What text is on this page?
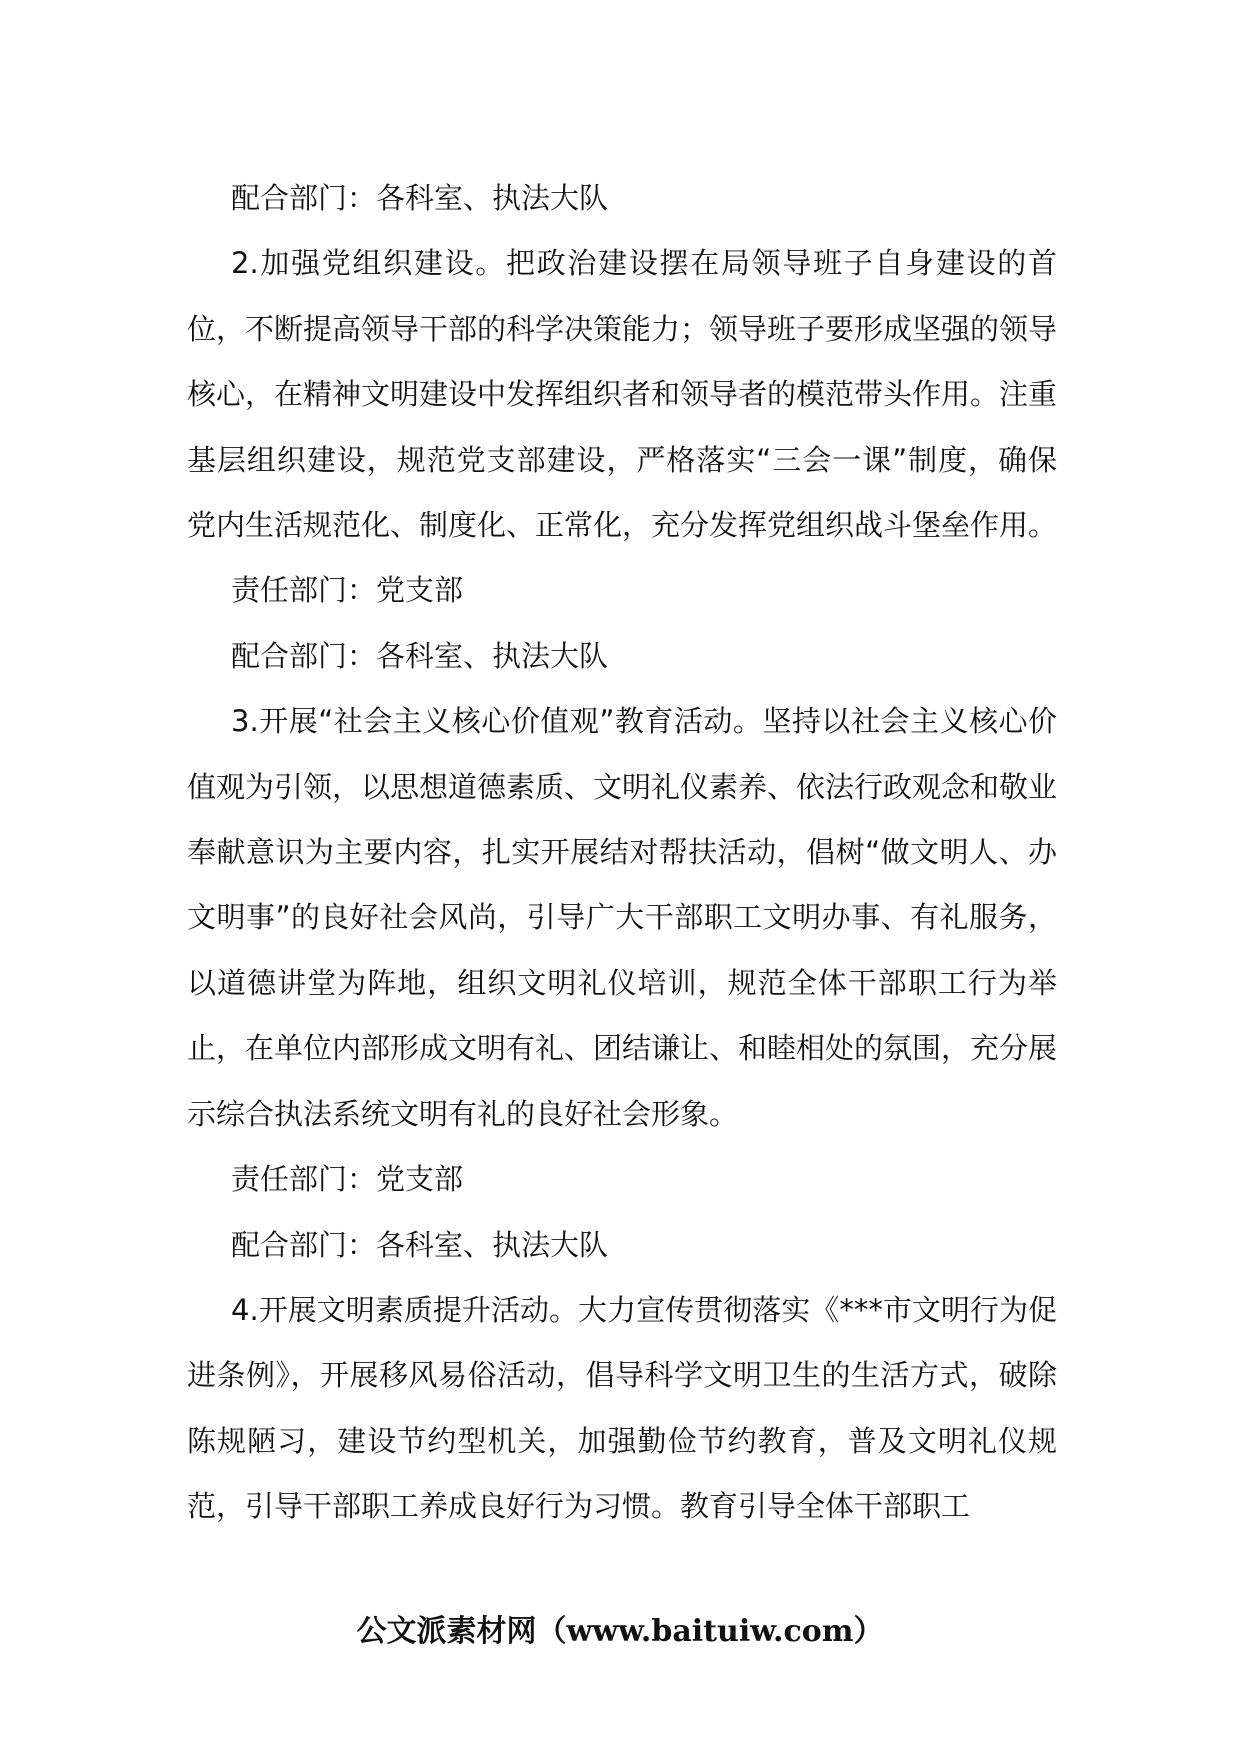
配合部门：各科室、执法大队

2.加强党组织建设。把政治建设摆在局领导班子自身建设的首位，不断提高领导干部的科学决策能力；领导班子要形成坚强的领导核心，在精神文明建设中发挥组织者和领导者的模范带头作用。注重基层组织建设，规范党支部建设，严格落实“三会一课”制度，确保党内生活规范化、制度化、正常化，充分发挥党组织战斗堡垒作用。

责任部门：党支部

配合部门：各科室、执法大队

3.开展“社会主义核心价值观”教育活动。坚持以社会主义核心价值观为引领，以思想道德素质、文明礼仪素养、依法行政观念和敬业奉献意识为主要内容，扎实开展结对帮扶活动，倡树“做文明人、办文明事”的良好社会风尚，引导广大干部职工文明办事、有礼服务，以道德讲堂为阵地，组织文明礼仪培训，规范全体干部职工行为举止，在单位内部形成文明有礼、团结谦让、和睦相处的氛围，充分展示综合执法系统文明有礼的良好社会形象。

责任部门：党支部

配合部门：各科室、执法大队

4.开展文明素质提升活动。大力宣传贯彻落实《***市文明行为促进条例》，开展移风易俗活动，倡导科学文明卫生的生活方式，破除陈规陋习，建设节约型机关，加强勤俭节约教育，普及文明礼仪规范，引导干部职工养成良好行为习惯。教育引导全体干部职工

公文派素材网（www.baituiw.com）
